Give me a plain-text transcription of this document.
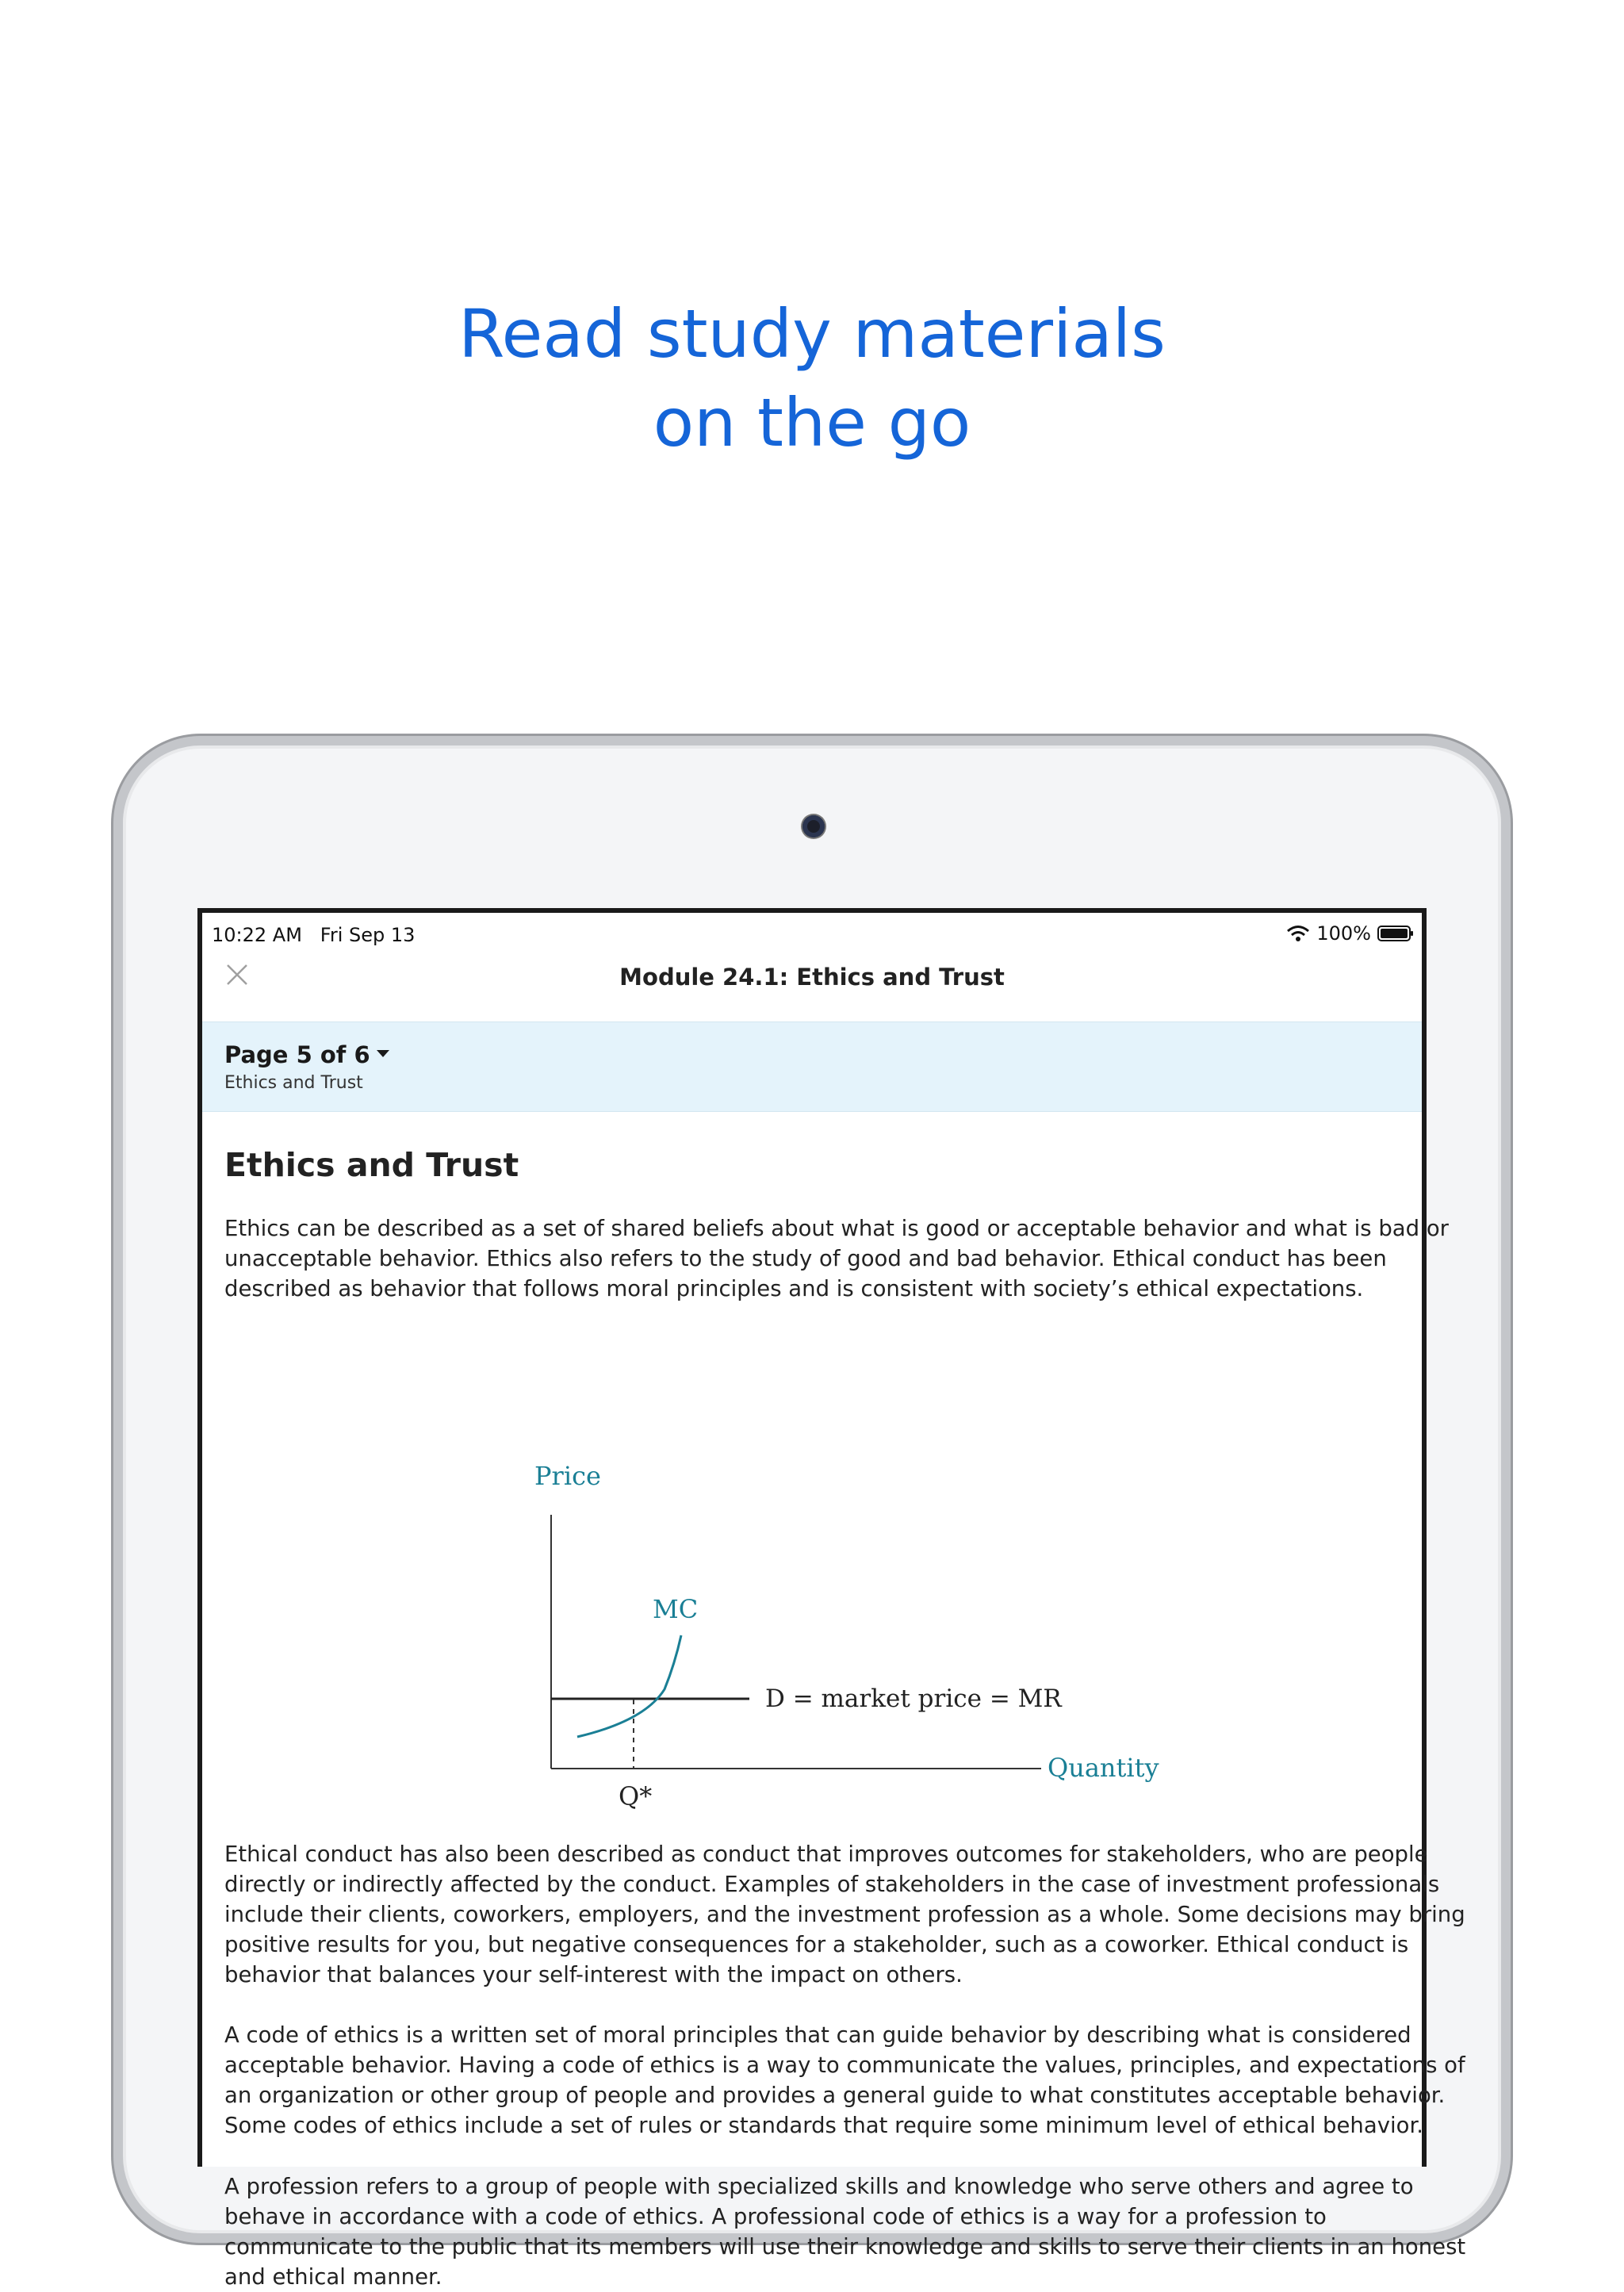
Read study materials
on the go
10:22 AM   Fri Sep 13	100%
Module 24.1: Ethics and Trust
Page 5 of 6
Ethics and Trust
Ethics and Trust
Ethics can be described as a set of shared beliefs about what is good or acceptable behavior and what is bad or
unacceptable behavior. Ethics also refers to the study of good and bad behavior. Ethical conduct has been
described as behavior that follows moral principles and is consistent with society’s ethical expectations.
Price
MC
D = market price = MR
Quantity
Q*
Ethical conduct has also been described as conduct that improves outcomes for stakeholders, who are people
directly or indirectly affected by the conduct. Examples of stakeholders in the case of investment professionals
include their clients, coworkers, employers, and the investment profession as a whole. Some decisions may bring
positive results for you, but negative consequences for a stakeholder, such as a coworker. Ethical conduct is
behavior that balances your self-interest with the impact on others.
A code of ethics is a written set of moral principles that can guide behavior by describing what is considered
acceptable behavior. Having a code of ethics is a way to communicate the values, principles, and expectations of
an organization or other group of people and provides a general guide to what constitutes acceptable behavior.
Some codes of ethics include a set of rules or standards that require some minimum level of ethical behavior.
A profession refers to a group of people with specialized skills and knowledge who serve others and agree to
behave in accordance with a code of ethics. A professional code of ethics is a way for a profession to
communicate to the public that its members will use their knowledge and skills to serve their clients in an honest
and ethical manner.
